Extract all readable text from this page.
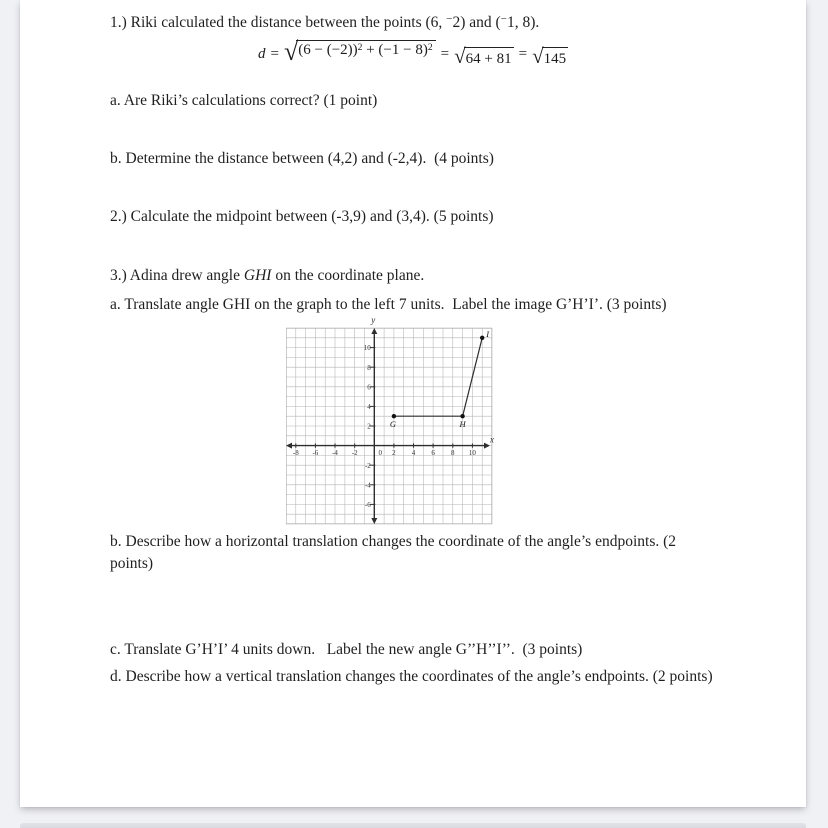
1.) Riki calculated the distance between the points (6, −2) and (−1, 8).
d = √ $(6 - (-2))^2 + (-1 - 8)^2$ = √ 64 + 81 = √ 145
a. Are Riki’s calculations correct? (1 point)
b. Determine the distance between (4,2) and (-2,4).  (4 points)
2.) Calculate the midpoint between (-3,9) and (3,4). (5 points)
3.) Adina drew angle GHI on the coordinate plane.
a. Translate angle GHI on the graph to the left 7 units.  Label the image G’H’I’. (3 points)
x
y
-8 -6 -4 -2	0 2 4 6 8 10
10
8
6
4
2
-2
-4
-6
G	H
I
b. Describe how a horizontal translation changes the coordinate of the angle’s endpoints. (2
points)
c. Translate G’H’I’ 4 units down.   Label the new angle G’’H’’I’’.  (3 points)
d. Describe how a vertical translation changes the coordinates of the angle’s endpoints. (2 points)
